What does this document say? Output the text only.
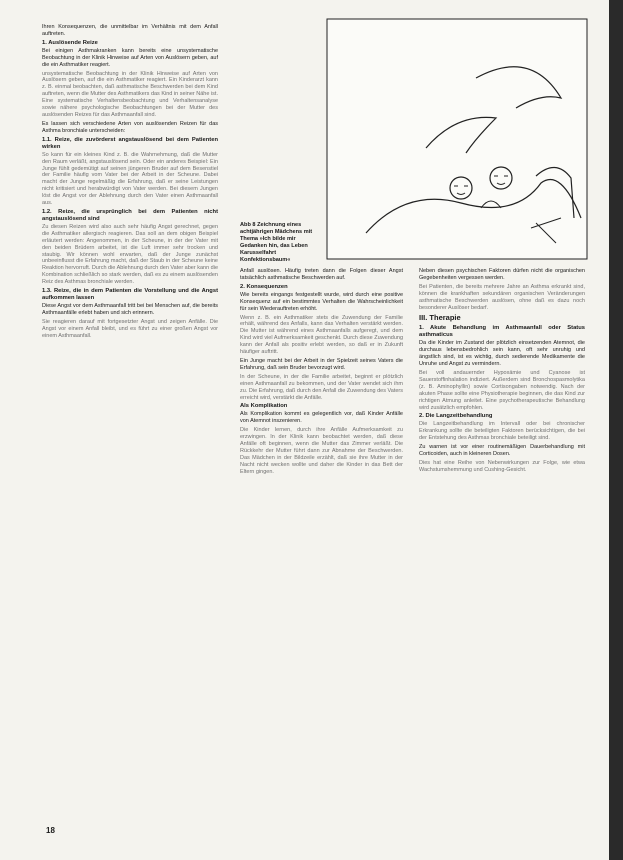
Abb 8 Zeichnung eines achtjährigen Mädchens mit Thema »Ich bilde mir Gedanken hin, das Leben Karusselfahrt Konfektionsbaum«

Ihren Konsequenzen, die unmittelbar im Verhältnis mit dem Anfall auftreten.

1. Auslösende Reize

Bei einigen Asthmakranken kann bereits eine unsystematische Beobachtung in der Klinik Hinweise auf Arten von Auslösern geben, auf die ein Asthmatiker reagiert.

unsystematische Beobachtung in der Klinik Hinweise auf Arten von Auslösern geben, auf die ein Asthmatiker reagiert. Ein Kinderarzt kann z. B. einmal beobachten, daß asthmatische Beschwerden bei dem Kind auftreten, wenn die Mutter des Asthmatikers das Kind in seiner Nähe ist. Eine systematische Verhaltensbeobachtung und Verhaltensanalyse sowie nähere psychologische Beobachtungen bei der Mutter des auslösenden Reizes für das Asthmaanfall sind.

Es lassen sich verschiedene Arten von auslösenden Reizen für das Asthma bronchiale unterscheiden:

1.1. Reize, die zuvörderst angstauslösend bei dem Patienten wirken

So kann für ein kleines Kind z. B. die Wahrnehmung, daß die Mutter den Raum verläßt, angstauslösend sein. Oder ein anderes Beispiel: Ein Junge fühlt gedemütigt auf seinen jüngeren Bruder auf dem Besenstiel der Familie häufig vom Vater bei der Arbeit in der Scheune. Dabei macht der Junge regelmäßig die Erfahrung, daß er seine Leistungen nicht kritisiert und herabwürdigt von Vater werden. Bei diesem Jungen löst die Angst vor der Ablehnung durch den Vater einen Asthmaanfall aus.

1.2. Reize, die ursprünglich bei dem Patienten nicht angstauslösend sind

Zu diesen Reizen wird also auch sehr häufig Angst gerechnet, gegen die Asthmatiker allergisch reagieren. Das soll an dem obigen Beispiel erläutert werden: Angenommen, in der Scheune, in der der Vater mit den beiden Brüdern arbeitet, ist die Luft immer sehr trocken und staubig. Wir können wohl erwarten, daß der Junge zunächst unbeeinflusst die Erfahrung macht, daß der Staub in der Scheune keine Reaktion hervorruft. Durch die Ablehnung durch den Vater aber kann die Kombination schließlich so stark werden, daß es zu einem auslösenden Reiz des Asthmas bronchiale werden.

1.3. Reize, die in dem Patienten die Vorstellung und die Angst aufkommen lassen

Diese Angst vor dem Asthmaanfall tritt bei bei Menschen auf, die bereits Asthmaanfälle erlebt haben und sich erinnern.

Sie reagieren darauf mit fortgesetzter Angst und zeigen Anfälle. Die Angst vor einem Anfall bleibt, und es führt zu einer großen Angst vor einem Asthmaanfall.

Anfall auslösen. Häufig treten dann die Folgen dieser Angst tatsächlich asthmatische Beschwerden auf.

2. Konsequenzen

Wie bereits eingangs festgestellt wurde, wird durch eine positive Konsequenz auf ein bestimmtes Verhalten die Wahrscheinlichkeit für sein Wiederauftreten erhöht.

Wenn z. B. ein Asthmatiker stets die Zuwendung der Familie erhält, während des Anfalls, kann das Verhalten verstärkt werden. Die Mutter ist während eines Asthmaanfalls aufgeregt, und dem Kind wird viel Aufmerksamkeit geschenkt. Durch diese Zuwendung kann der Anfall als positiv erlebt werden, so daß er in Zukunft häufiger auftritt.

Ein Junge macht bei der Arbeit in der Spielzeit seines Vaters die Erfahrung, daß sein Bruder bevorzugt wird.

In der Scheune, in der die Familie arbeitet, beginnt er plötzlich einen Asthmaanfall zu bekommen, und der Vater wendet sich ihm zu. Die Erfahrung, daß durch den Anfall die Zuwendung des Vaters erreicht wird, verstärkt die Anfälle.

Als Komplikation

Als Komplikation kommt es gelegentlich vor, daß Kinder Anfälle von Atemnot inszenieren.

Die Kinder lernen, durch ihre Anfälle Aufmerksamkeit zu erzwingen. In der Klinik kann beobachtet werden, daß diese Anfälle oft beginnen, wenn die Mutter das Zimmer verläßt. Die Rückkehr der Mutter führt dann zur Abnahme der Beschwerden. Das Mädchen in der Bildzeile erzählt, daß sie ihre Mutter in der Nacht nicht wecken wollte und daher die Kinder in das Bett der Eltern gingen.

Neben diesen psychischen Faktoren dürfen nicht die organischen Gegebenheiten vergessen werden.

Bei Patienten, die bereits mehrere Jahre an Asthma erkrankt sind, können die krankhaften sekundären organischen Veränderungen asthmatische Beschwerden auslösen, ohne daß es dazu noch besonderer Auslöser bedarf.

III. Therapie
1. Akute Behandlung im Asthmaanfall oder Status asthmaticus

Da die Kinder im Zustand der plötzlich einsetzenden Atemnot, die durchaus lebensbedrohlich sein kann, oft sehr unruhig und ängstlich sind, ist es wichtig, durch sedierende Medikamente die Unruhe und Angst zu vermindern.

Bei voll andauernder Hypoxämie und Cyanose ist Sauerstoffinhalation indiziert. Außerdem sind Bronchospasmolytika (z. B. Aminophyllin) sowie Cortisongaben notwendig. Nach der akuten Phase sollte eine Physiotherapie beginnen, die das Kind zur richtigen Atmung anleitet. Eine psychotherapeutische Behandlung wird zusätzlich empfohlen.

2. Die Langzeitbehandlung

Die Langzeitbehandlung im Intervall oder bei chronischer Erkrankung sollte die beteiligten Faktoren berücksichtigen, die bei der Entstehung des Asthmas bronchiale beteiligt sind.

Zu warnen ist vor einer routinemäßigen Dauerbehandlung mit Corticoiden, auch in kleineren Dosen.

Dies hat eine Reihe von Nebenwirkungen zur Folge, wie etwa Wachstumshemmung und Cushing-Gesicht.

18
